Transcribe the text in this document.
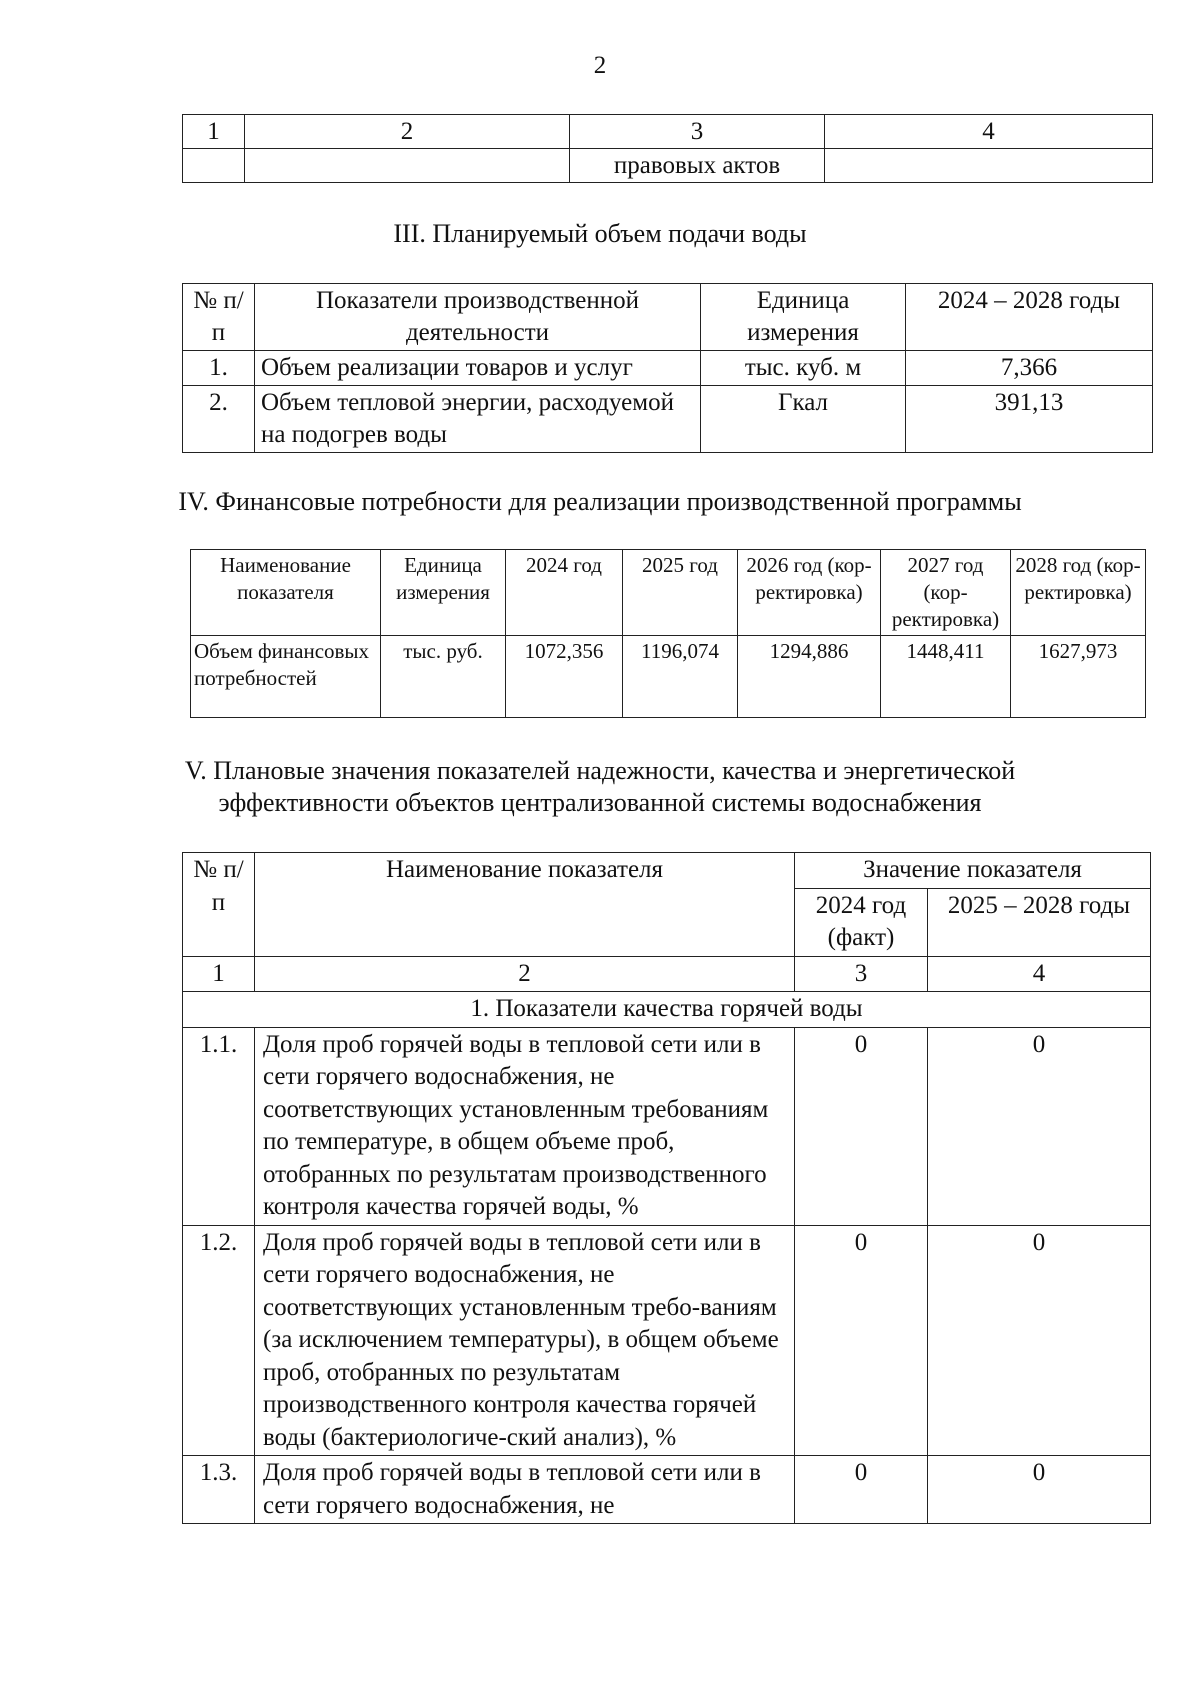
2
1	2	3	4
		правовых актов	
III. Планируемый объем подачи воды
№ п/п	Показатели производственной деятельности	Единица измерения	2024 – 2028 годы
1.	Объем реализации товаров и услуг	тыс. куб. м	7,366
2.	Объем тепловой энергии, расходуемой на подогрев воды	Гкал	391,13
IV. Финансовые потребности для реализации производственной программы
Наименование показателя	Единица измерения	2024 год	2025 год	2026 год (кор-ректировка)	2027 год (кор-ректировка)	2028 год (кор-ректировка)
Объем финансовых потребностей	тыс. руб.	1072,356	1196,074	1294,886	1448,411	1627,973
V. Плановые значения показателей надежности, качества и энергетической эффективности объектов централизованной системы водоснабжения
№ п/п	Наименование показателя	Значение показателя	
		2024 год (факт)	2025 – 2028 годы
1	2	3	4
1. Показатели качества горячей воды			
1.1.	Доля проб горячей воды в тепловой сети или в сети горячего водоснабжения, не соответствующих установленным требованиям по температуре, в общем объеме проб, отобранных по результатам производственного контроля качества горячей воды, %	0	0
1.2.	Доля проб горячей воды в тепловой сети или в сети горячего водоснабжения, не соответствующих установленным требо-ваниям (за исключением температуры), в общем объеме проб, отобранных по результатам производственного контроля качества горячей воды (бактериологиче-ский анализ), %	0	0
1.3.	Доля проб горячей воды в тепловой сети или в сети горячего водоснабжения, не	0	0
